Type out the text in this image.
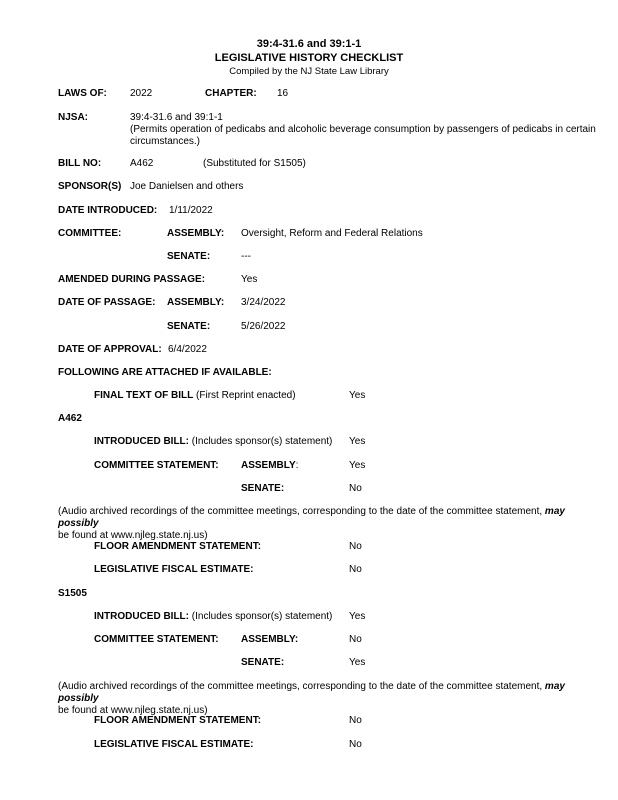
39:4-31.6 and 39:1-1
LEGISLATIVE HISTORY CHECKLIST
Compiled by the NJ State Law Library
LAWS OF: 2022	CHAPTER: 16
NJSA:	39:4-31.6 and 39:1-1
(Permits operation of pedicabs and alcoholic beverage consumption by passengers of pedicabs in certain circumstances.)
BILL NO:	A462	(Substituted for S1505)
SPONSOR(S) Joe Danielsen and others
DATE INTRODUCED: 1/11/2022
COMMITTEE:	ASSEMBLY: Oversight, Reform and Federal Relations
SENATE:	---
AMENDED DURING PASSAGE:	Yes
DATE OF PASSAGE: ASSEMBLY: 3/24/2022
SENATE:	5/26/2022
DATE OF APPROVAL: 6/4/2022
FOLLOWING ARE ATTACHED IF AVAILABLE:
FINAL TEXT OF BILL (First Reprint enacted)	Yes
A462
INTRODUCED BILL: (Includes sponsor(s) statement) Yes
COMMITTEE STATEMENT: ASSEMBLY:	Yes
SENATE:	No
(Audio archived recordings of the committee meetings, corresponding to the date of the committee statement, may possibly
be found at www.njleg.state.nj.us)
FLOOR AMENDMENT STATEMENT:	No
LEGISLATIVE FISCAL ESTIMATE:	No
S1505
INTRODUCED BILL: (Includes sponsor(s) statement) Yes
COMMITTEE STATEMENT: ASSEMBLY:	No
SENATE:	Yes
(Audio archived recordings of the committee meetings, corresponding to the date of the committee statement, may possibly
be found at www.njleg.state.nj.us)
FLOOR AMENDMENT STATEMENT:	No
LEGISLATIVE FISCAL ESTIMATE:	No
